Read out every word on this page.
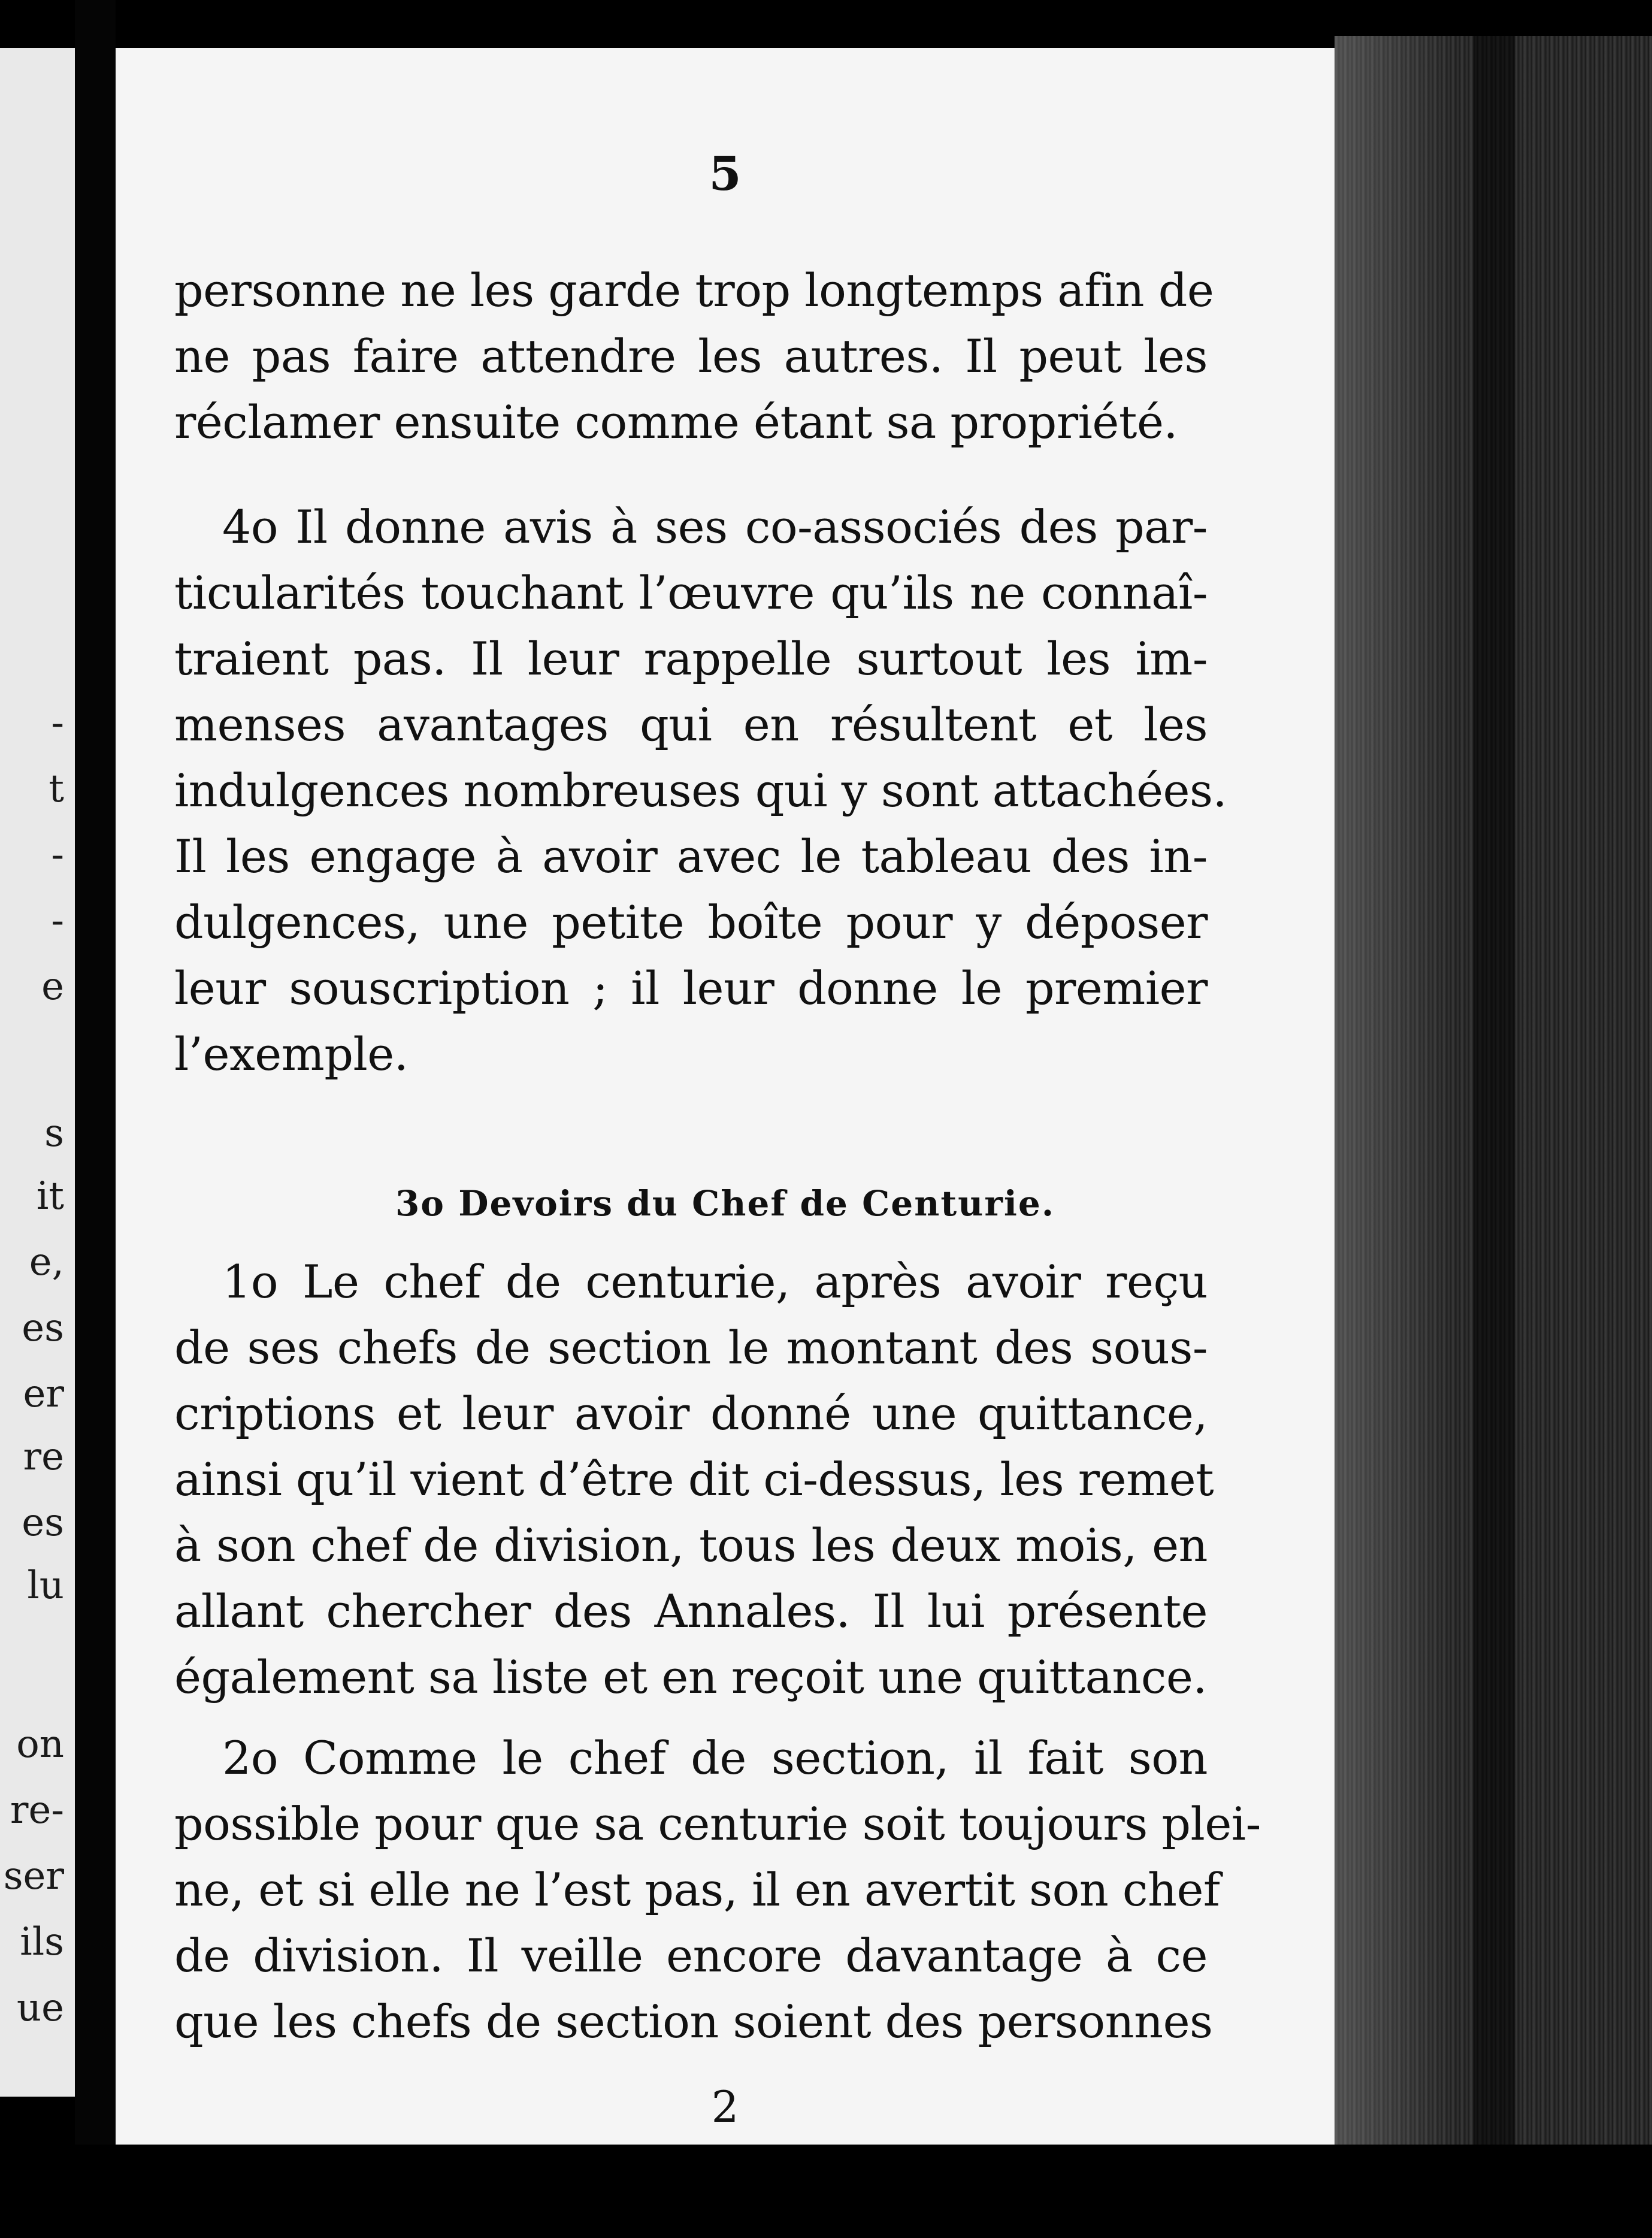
-
t
-
-
e
s
it
e,
es
er
re
es
lu
on
re-
ser
ils
ue
5
personne ne les garde trop longtemps afin de
ne pas faire attendre les autres. Il peut les
réclamer ensuite comme étant sa propriété.
4o Il donne avis à ses co-associés des par-
ticularités touchant l’œuvre qu’ils ne connaî-
traient pas. Il leur rappelle surtout les im-
menses avantages qui en résultent et les
indulgences nombreuses qui y sont attachées.
Il les engage à avoir avec le tableau des in-
dulgences, une petite boîte pour y déposer
leur souscription ; il leur donne le premier
l’exemple.
3o Devoirs du Chef de Centurie.
1o Le chef de centurie, après avoir reçu
de ses chefs de section le montant des sous-
criptions et leur avoir donné une quittance,
ainsi qu’il vient d’être dit ci-dessus, les remet
à son chef de division, tous les deux mois, en
allant chercher des Annales. Il lui présente
également sa liste et en reçoit une quittance.
2o Comme le chef de section, il fait son
possible pour que sa centurie soit toujours plei-
ne, et si elle ne l’est pas, il en avertit son chef
de division. Il veille encore davantage à ce
que les chefs de section soient des personnes
2
